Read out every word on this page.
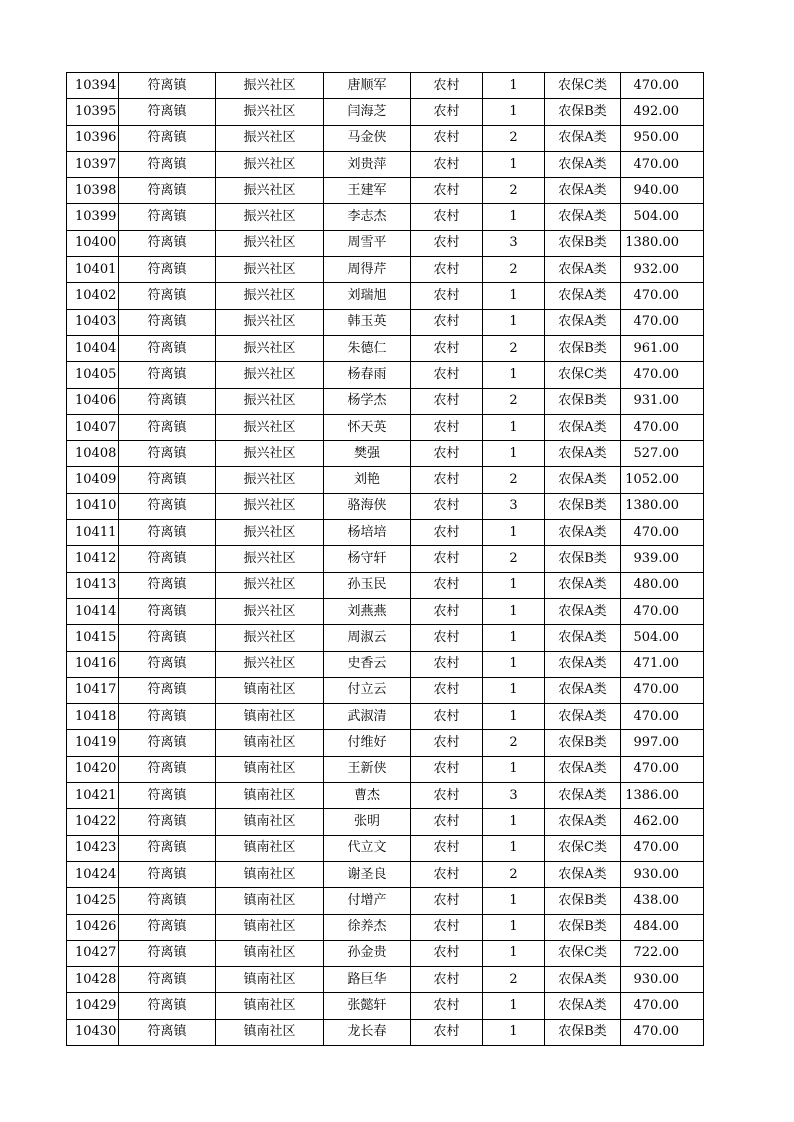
10394	符离镇	振兴社区	唐顺军	农村	1	农保C类	470.00
10395	符离镇	振兴社区	闫海芝	农村	1	农保B类	492.00
10396	符离镇	振兴社区	马金侠	农村	2	农保A类	950.00
10397	符离镇	振兴社区	刘贵萍	农村	1	农保A类	470.00
10398	符离镇	振兴社区	王建军	农村	2	农保A类	940.00
10399	符离镇	振兴社区	李志杰	农村	1	农保A类	504.00
10400	符离镇	振兴社区	周雪平	农村	3	农保B类	1380.00
10401	符离镇	振兴社区	周得芹	农村	2	农保A类	932.00
10402	符离镇	振兴社区	刘瑞旭	农村	1	农保A类	470.00
10403	符离镇	振兴社区	韩玉英	农村	1	农保A类	470.00
10404	符离镇	振兴社区	朱德仁	农村	2	农保B类	961.00
10405	符离镇	振兴社区	杨春雨	农村	1	农保C类	470.00
10406	符离镇	振兴社区	杨学杰	农村	2	农保B类	931.00
10407	符离镇	振兴社区	怀天英	农村	1	农保A类	470.00
10408	符离镇	振兴社区	樊强	农村	1	农保A类	527.00
10409	符离镇	振兴社区	刘艳	农村	2	农保A类	1052.00
10410	符离镇	振兴社区	骆海侠	农村	3	农保B类	1380.00
10411	符离镇	振兴社区	杨培培	农村	1	农保A类	470.00
10412	符离镇	振兴社区	杨守轩	农村	2	农保B类	939.00
10413	符离镇	振兴社区	孙玉民	农村	1	农保A类	480.00
10414	符离镇	振兴社区	刘燕燕	农村	1	农保A类	470.00
10415	符离镇	振兴社区	周淑云	农村	1	农保A类	504.00
10416	符离镇	振兴社区	史香云	农村	1	农保A类	471.00
10417	符离镇	镇南社区	付立云	农村	1	农保A类	470.00
10418	符离镇	镇南社区	武淑清	农村	1	农保A类	470.00
10419	符离镇	镇南社区	付维好	农村	2	农保B类	997.00
10420	符离镇	镇南社区	王新侠	农村	1	农保A类	470.00
10421	符离镇	镇南社区	曹杰	农村	3	农保A类	1386.00
10422	符离镇	镇南社区	张明	农村	1	农保A类	462.00
10423	符离镇	镇南社区	代立文	农村	1	农保C类	470.00
10424	符离镇	镇南社区	谢圣良	农村	2	农保A类	930.00
10425	符离镇	镇南社区	付增产	农村	1	农保B类	438.00
10426	符离镇	镇南社区	徐养杰	农村	1	农保B类	484.00
10427	符离镇	镇南社区	孙金贵	农村	1	农保C类	722.00
10428	符离镇	镇南社区	路巨华	农村	2	农保A类	930.00
10429	符离镇	镇南社区	张懿轩	农村	1	农保A类	470.00
10430	符离镇	镇南社区	龙长春	农村	1	农保B类	470.00
